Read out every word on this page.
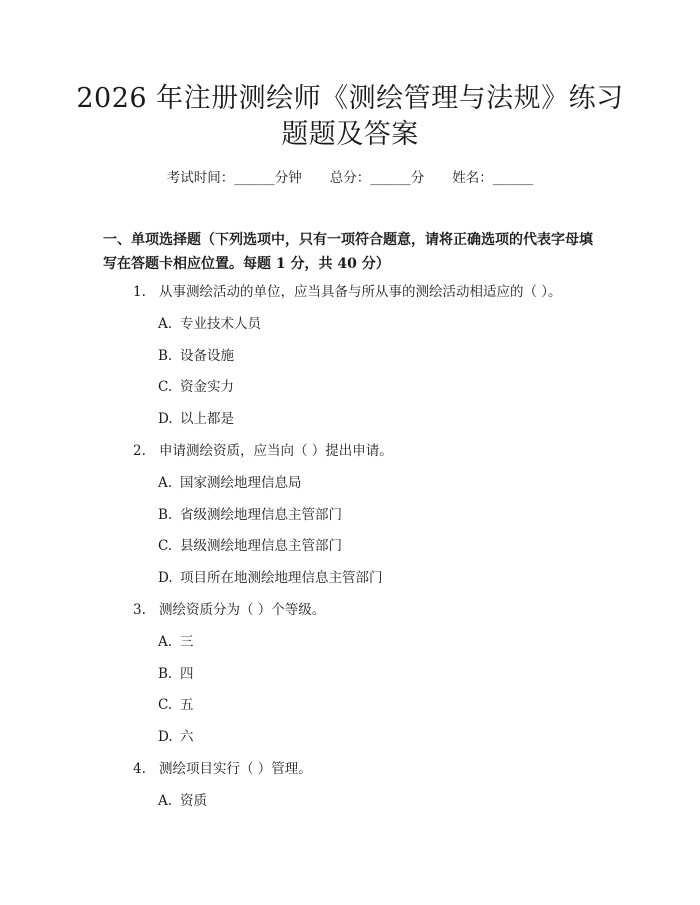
2026 年注册测绘师《测绘管理与法规》练习
题题及答案
考试时间：______分钟 总分：______分 姓名：______

一、单项选择题（下列选项中，只有一项符合题意，请将正确选项的代表字母填

写在答题卡相应位置。每题 1 分，共 40 分）

1. 从事测绘活动的单位，应当具备与所从事的测绘活动相适应的（ ）。
A. 专业技术人员
B. 设备设施
C. 资金实力
D. 以上都是
2. 申请测绘资质，应当向（ ）提出申请。
A. 国家测绘地理信息局
B. 省级测绘地理信息主管部门
C. 县级测绘地理信息主管部门
D. 项目所在地测绘地理信息主管部门
3. 测绘资质分为（ ）个等级。
A. 三
B. 四
C. 五
D. 六
4. 测绘项目实行（ ）管理。
A. 资质
